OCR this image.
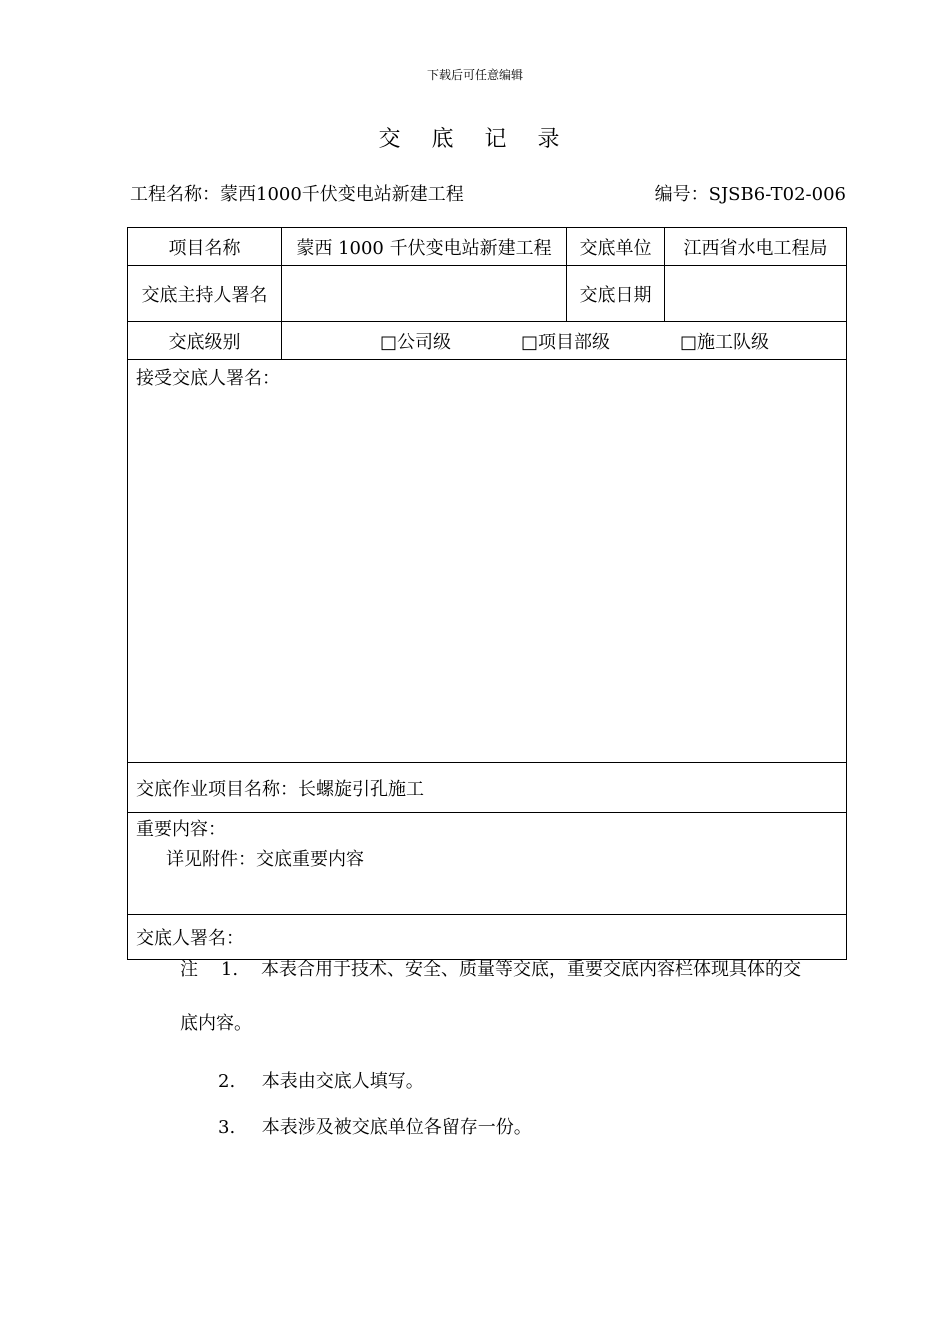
下载后可任意编辑
交 底 记 录
工程名称：蒙西1000千伏变电站新建工程	编号：SJSB6-T02-006
项目名称	蒙西 1000 千伏变电站新建工程	交底单位	江西省水电工程局
交底主持人署名		交底日期	
交底级别	□公司级 □项目部级 □施工队级		

接受交底人署名：			
交底作业项目名称：长螺旋引孔施工			

重要内容：
详见附件：交底重要内容			

交底人署名：			

注 1. 本表合用于技术、安全、质量等交底，重要交底内容栏体现具体的交

底内容。

2. 本表由交底人填写。

3. 本表涉及被交底单位各留存一份。
